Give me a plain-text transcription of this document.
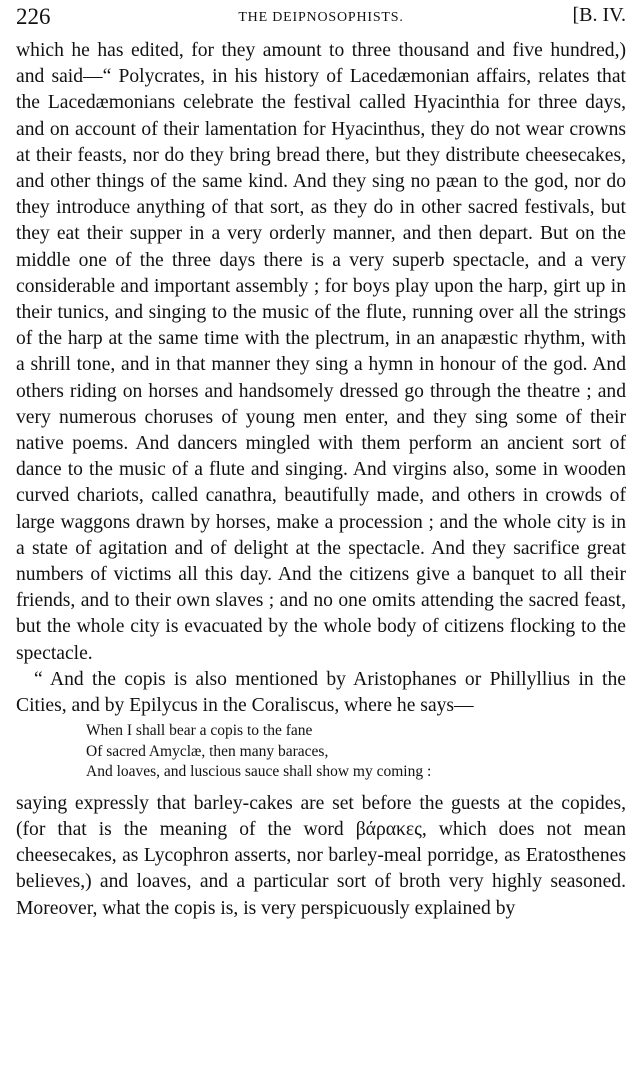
226	THE DEIPNOSOPHISTS.	[B. IV.

which he has edited, for they amount to three thousand and five hundred,) and said—“ Polycrates, in his history of Lacedæmonian affairs, relates that the Lacedæmonians celebrate the festival called Hyacinthia for three days, and on account of their lamentation for Hyacinthus, they do not wear crowns at their feasts, nor do they bring bread there, but they distribute cheesecakes, and other things of the same kind. And they sing no pæan to the god, nor do they introduce anything of that sort, as they do in other sacred festivals, but they eat their supper in a very orderly manner, and then depart. But on the middle one of the three days there is a very superb spectacle, and a very considerable and important assembly ; for boys play upon the harp, girt up in their tunics, and singing to the music of the flute, running over all the strings of the harp at the same time with the plectrum, in an anapæstic rhythm, with a shrill tone, and in that manner they sing a hymn in honour of the god. And others riding on horses and handsomely dressed go through the theatre ; and very numerous choruses of young men enter, and they sing some of their native poems. And dancers mingled with them perform an ancient sort of dance to the music of a flute and singing. And virgins also, some in wooden curved chariots, called canathra, beautifully made, and others in crowds of large waggons drawn by horses, make a procession ; and the whole city is in a state of agitation and of delight at the spectacle. And they sacrifice great numbers of victims all this day. And the citizens give a banquet to all their friends, and to their own slaves ; and no one omits attending the sacred feast, but the whole city is evacuated by the whole body of citizens flocking to the spectacle.

“ And the copis is also mentioned by Aristophanes or Phillyllius in the Cities, and by Epilycus in the Coraliscus, where he says—

When I shall bear a copis to the fane
Of sacred Amyclæ, then many baraces,
And loaves, and luscious sauce shall show my coming :

saying expressly that barley-cakes are set before the guests at the copides, (for that is the meaning of the word βάρακες, which does not mean cheesecakes, as Lycophron asserts, nor barley-meal porridge, as Eratosthenes believes,) and loaves, and a particular sort of broth very highly seasoned. Moreover, what the copis is, is very perspicuously explained by
